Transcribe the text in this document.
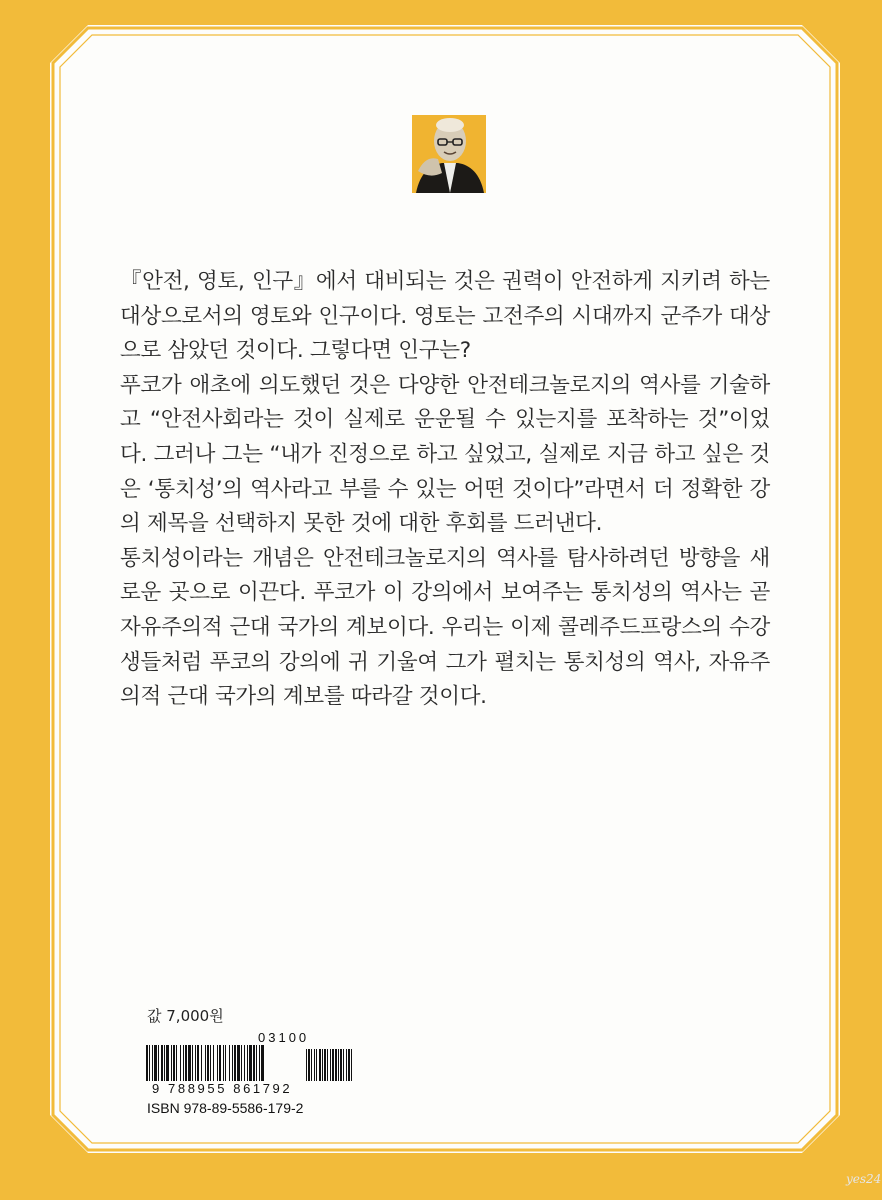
『안전, 영토, 인구』에서 대비되는 것은 권력이 안전하게 지키려 하는 대상으로서의 영토와 인구이다. 영토는 고전주의 시대까지 군주가 대상으로 삼았던 것이다. 그렇다면 인구는?

푸코가 애초에 의도했던 것은 다양한 안전테크놀로지의 역사를 기술하고 “안전사회라는 것이 실제로 운운될 수 있는지를 포착하는 것”이었다. 그러나 그는 “내가 진정으로 하고 싶었고, 실제로 지금 하고 싶은 것은 ‘통치성’의 역사라고 부를 수 있는 어떤 것이다”라면서 더 정확한 강의 제목을 선택하지 못한 것에 대한 후회를 드러낸다.

통치성이라는 개념은 안전테크놀로지의 역사를 탐사하려던 방향을 새로운 곳으로 이끈다. 푸코가 이 강의에서 보여주는 통치성의 역사는 곧 자유주의적 근대 국가의 계보이다. 우리는 이제 콜레주드프랑스의 수강생들처럼 푸코의 강의에 귀 기울여 그가 펼치는 통치성의 역사, 자유주의적 근대 국가의 계보를 따라갈 것이다.

값 7,000원
03100
9 788955 861792
ISBN 978-89-5586-179-2
yes24
